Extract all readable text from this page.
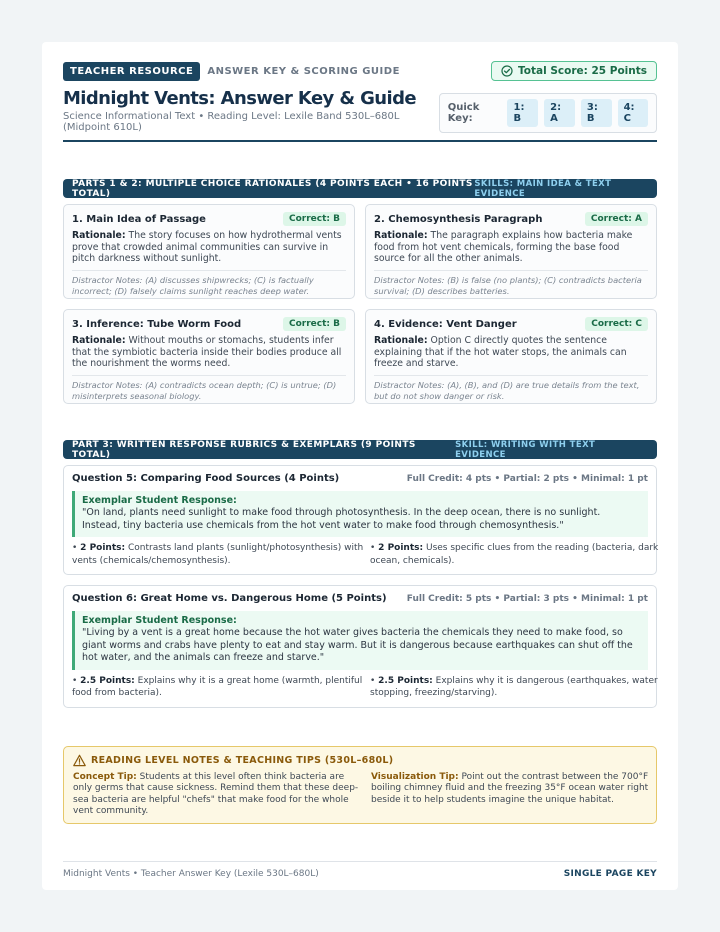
TEACHER RESOURCE	ANSWER KEY & SCORING GUIDE	Total Score: 25 Points
Midnight Vents: Answer Key & Guide
Science Informational Text • Reading Level: Lexile Band 530L–680L (Midpoint 610L)
Quick Key:
1: B
2: A
3: B
4: C
PARTS 1 & 2: MULTIPLE CHOICE RATIONALES (4 POINTS EACH • 16 POINTS TOTAL)
SKILLS: MAIN IDEA & TEXT EVIDENCE
1. Main Idea of Passage	Correct: B
Rationale: The story focuses on how hydrothermal vents prove that crowded animal communities can survive in pitch darkness without sunlight.
Distractor Notes: (A) discusses shipwrecks; (C) is factually incorrect; (D) falsely claims sunlight reaches deep water.
2. Chemosynthesis Paragraph	Correct: A
Rationale: The paragraph explains how bacteria make food from hot vent chemicals, forming the base food source for all the other animals.
Distractor Notes: (B) is false (no plants); (C) contradicts bacteria survival; (D) describes batteries.
3. Inference: Tube Worm Food	Correct: B
Rationale: Without mouths or stomachs, students infer that the symbiotic bacteria inside their bodies produce all the nourishment the worms need.
Distractor Notes: (A) contradicts ocean depth; (C) is untrue; (D) misinterprets seasonal biology.
4. Evidence: Vent Danger	Correct: C
Rationale: Option C directly quotes the sentence explaining that if the hot water stops, the animals can freeze and starve.
Distractor Notes: (A), (B), and (D) are true details from the text, but do not show danger or risk.
PART 3: WRITTEN RESPONSE RUBRICS & EXEMPLARS (9 POINTS TOTAL)
SKILL: WRITING WITH TEXT EVIDENCE
Question 5: Comparing Food Sources (4 Points)	Full Credit: 4 pts • Partial: 2 pts • Minimal: 1 pt
Exemplar Student Response:
"On land, plants need sunlight to make food through photosynthesis. In the deep ocean, there is no sunlight. Instead, tiny bacteria use chemicals from the hot vent water to make food through chemosynthesis."
• 2 Points: Contrasts land plants (sunlight/photosynthesis) with vents (chemicals/chemosynthesis).
• 2 Points: Uses specific clues from the reading (bacteria, dark ocean, chemicals).
Question 6: Great Home vs. Dangerous Home (5 Points) Full Credit: 5 pts • Partial: 3 pts • Minimal: 1 pt
Exemplar Student Response:
"Living by a vent is a great home because the hot water gives bacteria the chemicals they need to make food, so giant worms and crabs have plenty to eat and stay warm. But it is dangerous because earthquakes can shut off the hot water, and the animals can freeze and starve."
• 2.5 Points: Explains why it is a great home (warmth, plentiful food from bacteria).
• 2.5 Points: Explains why it is dangerous (earthquakes, water stopping, freezing/starving).
READING LEVEL NOTES & TEACHING TIPS (530L–680L)
Concept Tip: Students at this level often think bacteria are only germs that cause sickness. Remind them that these deep-sea bacteria are helpful "chefs" that make food for the whole vent community.
Visualization Tip: Point out the contrast between the 700°F boiling chimney fluid and the freezing 35°F ocean water right beside it to help students imagine the unique habitat.
Midnight Vents • Teacher Answer Key (Lexile 530L–680L)	SINGLE PAGE KEY
